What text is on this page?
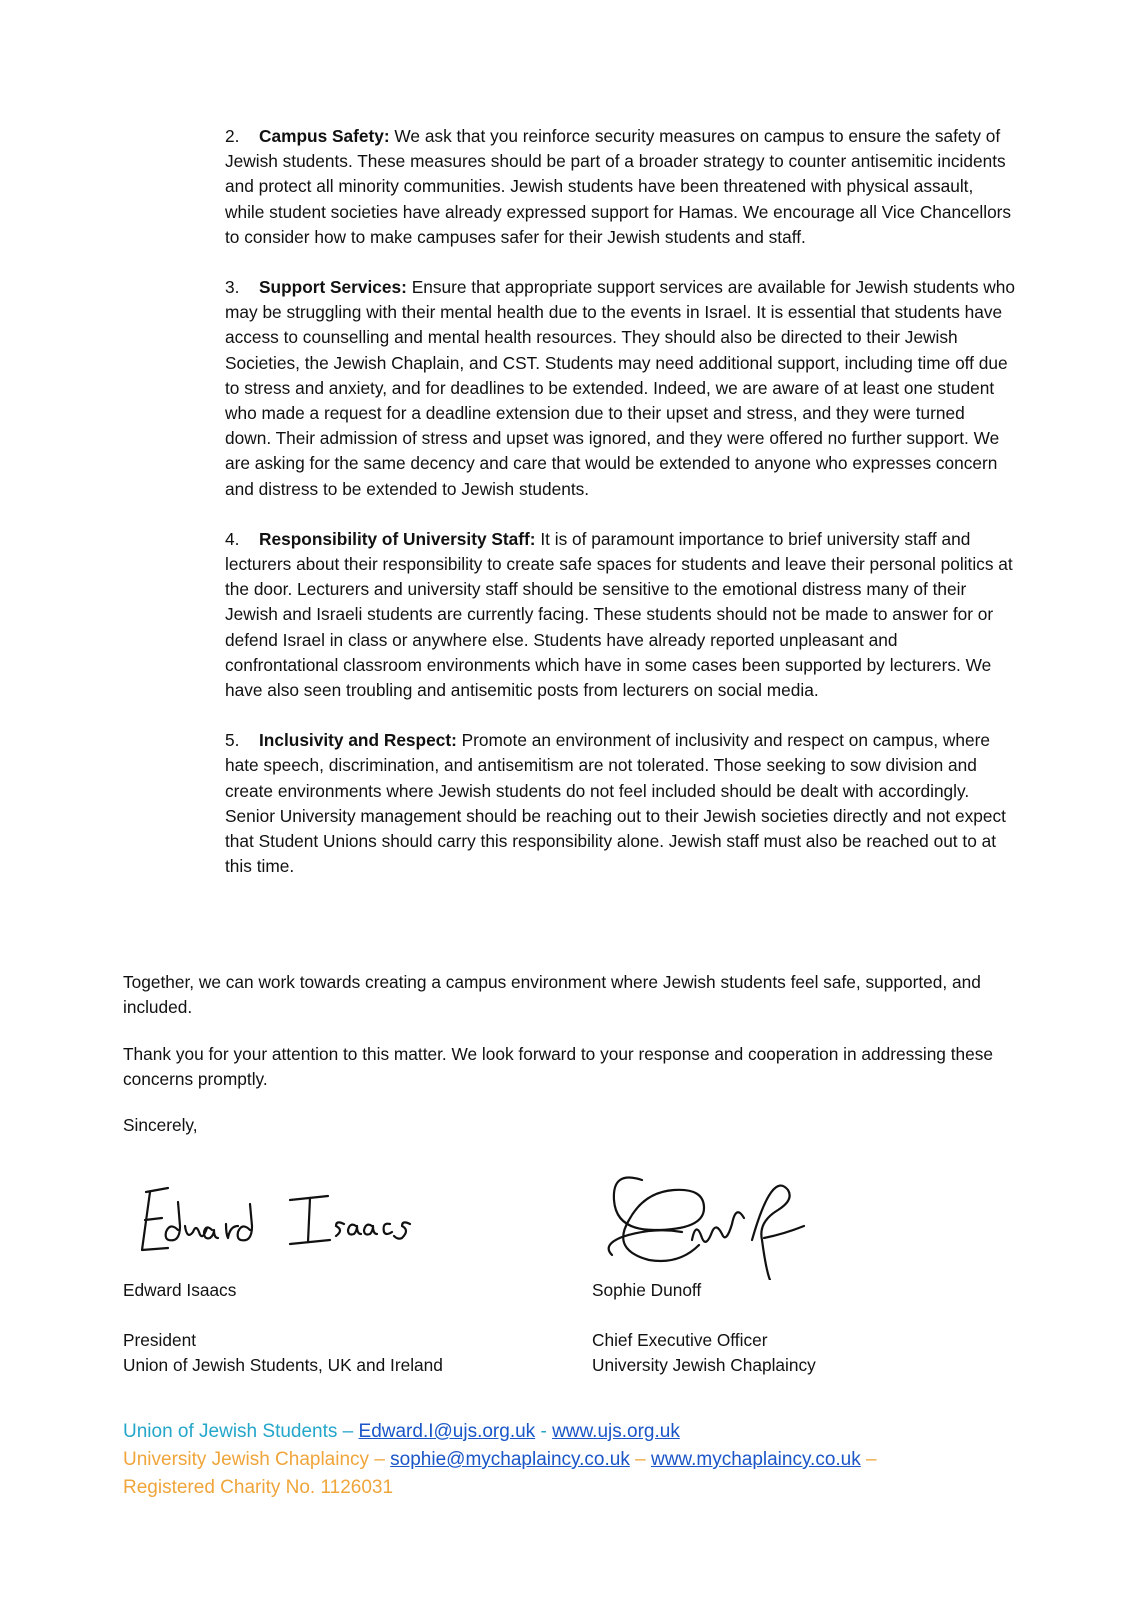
2. Campus Safety: We ask that you reinforce security measures on campus to ensure the safety of Jewish students. These measures should be part of a broader strategy to counter antisemitic incidents and protect all minority communities. Jewish students have been threatened with physical assault, while student societies have already expressed support for Hamas. We encourage all Vice Chancellors to consider how to make campuses safer for their Jewish students and staff.

3. Support Services: Ensure that appropriate support services are available for Jewish students who may be struggling with their mental health due to the events in Israel. It is essential that students have access to counselling and mental health resources. They should also be directed to their Jewish Societies, the Jewish Chaplain, and CST. Students may need additional support, including time off due to stress and anxiety, and for deadlines to be extended. Indeed, we are aware of at least one student who made a request for a deadline extension due to their upset and stress, and they were turned down. Their admission of stress and upset was ignored, and they were offered no further support. We are asking for the same decency and care that would be extended to anyone who expresses concern and distress to be extended to Jewish students.

4. Responsibility of University Staff: It is of paramount importance to brief university staff and lecturers about their responsibility to create safe spaces for students and leave their personal politics at the door. Lecturers and university staff should be sensitive to the emotional distress many of their Jewish and Israeli students are currently facing. These students should not be made to answer for or defend Israel in class or anywhere else. Students have already reported unpleasant and confrontational classroom environments which have in some cases been supported by lecturers. We have also seen troubling and antisemitic posts from lecturers on social media.

5. Inclusivity and Respect: Promote an environment of inclusivity and respect on campus, where hate speech, discrimination, and antisemitism are not tolerated. Those seeking to sow division and create environments where Jewish students do not feel included should be dealt with accordingly. Senior University management should be reaching out to their Jewish societies directly and not expect that Student Unions should carry this responsibility alone. Jewish staff must also be reached out to at this time.

Together, we can work towards creating a campus environment where Jewish students feel safe, supported, and included.

Thank you for your attention to this matter. We look forward to your response and cooperation in addressing these concerns promptly.

Sincerely,

Edward Isaacs
President
Union of Jewish Students, UK and Ireland
Sophie Dunoff
Chief Executive Officer
University Jewish Chaplaincy
Union of Jewish Students – Edward.I@ujs.org.uk - www.ujs.org.uk
University Jewish Chaplaincy – sophie@mychaplaincy.co.uk – www.mychaplaincy.co.uk –
Registered Charity No. 1126031
